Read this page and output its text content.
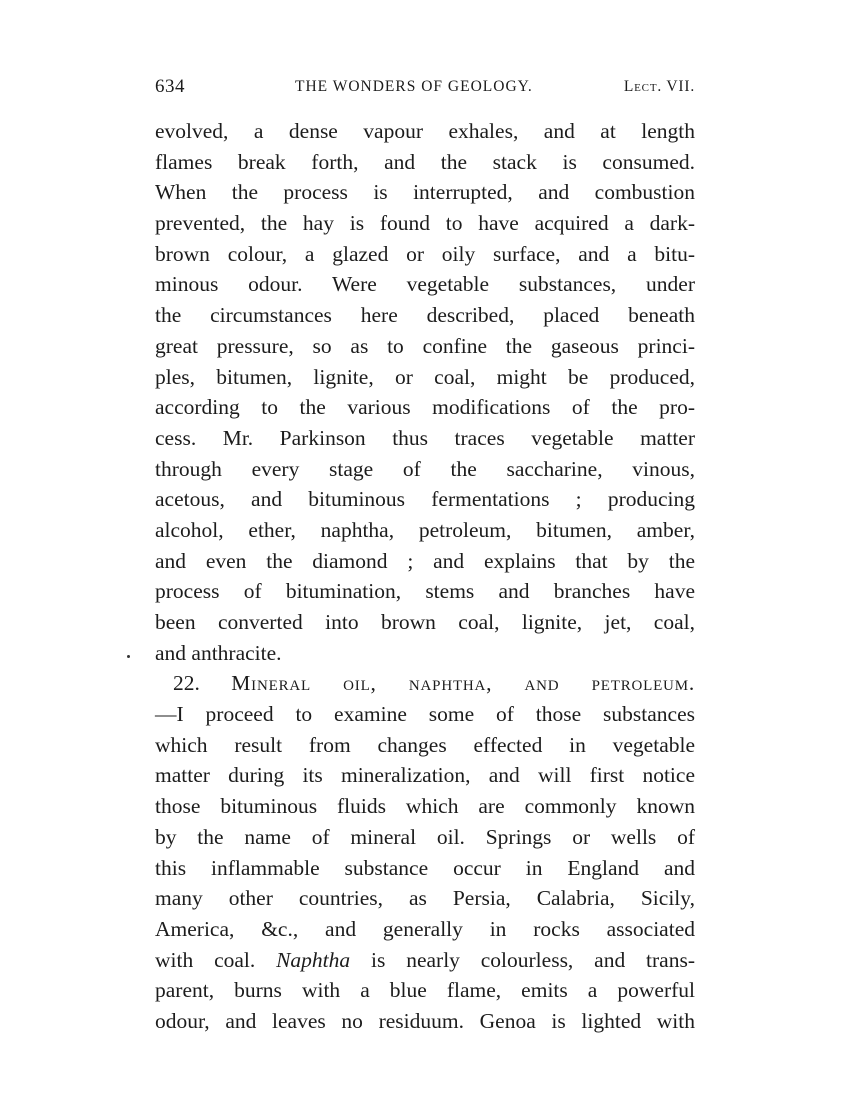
634	THE WONDERS OF GEOLOGY.	Lect. VII.
evolved, a dense vapour exhales, and at length
flames break forth, and the stack is consumed.
When the process is interrupted, and combustion
prevented, the hay is found to have acquired a dark-
brown colour, a glazed or oily surface, and a bitu-
minous odour. Were vegetable substances, under
the circumstances here described, placed beneath
great pressure, so as to confine the gaseous princi-
ples, bitumen, lignite, or coal, might be produced,
according to the various modifications of the pro-
cess. Mr. Parkinson thus traces vegetable matter
through every stage of the saccharine, vinous,
acetous, and bituminous fermentations ; producing
alcohol, ether, naphtha, petroleum, bitumen, amber,
and even the diamond ; and explains that by the
process of bitumination, stems and branches have
been converted into brown coal, lignite, jet, coal,
and anthracite.
22. Mineral oil, naphtha, and petroleum.
—I proceed to examine some of those substances
which result from changes effected in vegetable
matter during its mineralization, and will first notice
those bituminous fluids which are commonly known
by the name of mineral oil. Springs or wells of
this inflammable substance occur in England and
many other countries, as Persia, Calabria, Sicily,
America, &c., and generally in rocks associated
with coal. Naphtha is nearly colourless, and trans-
parent, burns with a blue flame, emits a powerful
odour, and leaves no residuum. Genoa is lighted with
